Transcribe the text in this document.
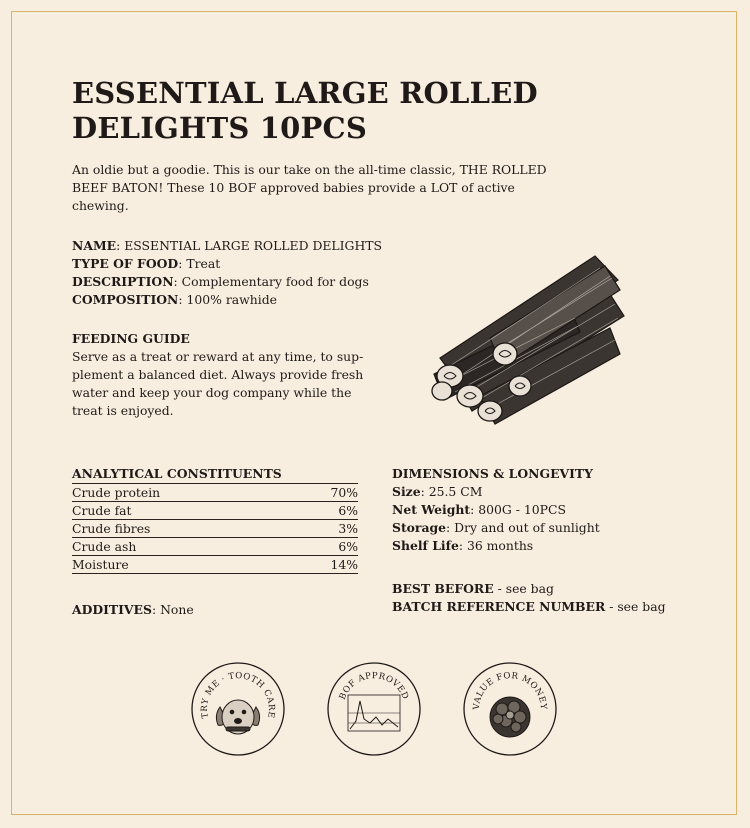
ESSENTIAL LARGE ROLLED
DELIGHTS 10PCS

An oldie but a goodie. This is our take on the all-time classic, THE ROLLED
BEEF BATON! These 10 BOF approved babies provide a LOT of active chewing.

NAME: ESSENTIAL LARGE ROLLED DELIGHTS
TYPE OF FOOD: Treat
DESCRIPTION: Complementary food for dogs
COMPOSITION: 100% rawhide
FEEDING GUIDE
Serve as a treat or reward at any time, to sup-
plement a balanced diet. Always provide fresh
water and keep your dog company while the
treat is enjoyed.
ANALYTICAL CONSTITUENTS
Crude protein	70%
Crude fat	6%
Crude fibres	3%
Crude ash	6%
Moisture	14%
ADDITIVES: None
DIMENSIONS & LONGEVITY
Size: 25.5 CM
Net Weight: 800G - 10PCS
Storage: Dry and out of sunlight
Shelf Life: 36 months
BEST BEFORE - see bag
BATCH REFERENCE NUMBER - see bag
TRY ME · TOOTH CARE
BOF APPROVED
VALUE FOR MONEY
